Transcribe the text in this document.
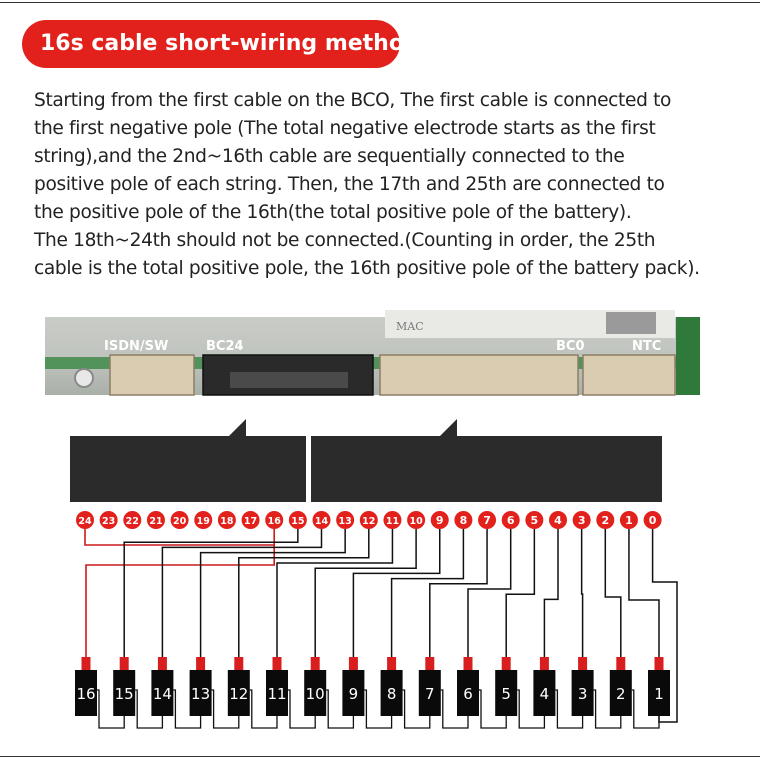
16s cable short-wiring method
Starting from the first cable on the BCO, The first cable is connected to
the first negative pole (The total negative electrode starts as the first
string),and the 2nd~16th cable are sequentially connected to the
positive pole of each string. Then, the 17th and 25th are connected to
the positive pole of the 16th(the total positive pole of the battery).
The 18th~24th should not be connected.(Counting in order, the 25th
cable is the total positive pole, the 16th positive pole of the battery pack).
MAC
ISDN/SW	BC24	BC0	NTC
16 15 14 13 12 11 10 9 8 7 6 5 4 3 2 1
24 23 22 21 20 19 18 17 16 15 14 13 12 11 10 9 8 7 6 5 4 3 2 1 0
